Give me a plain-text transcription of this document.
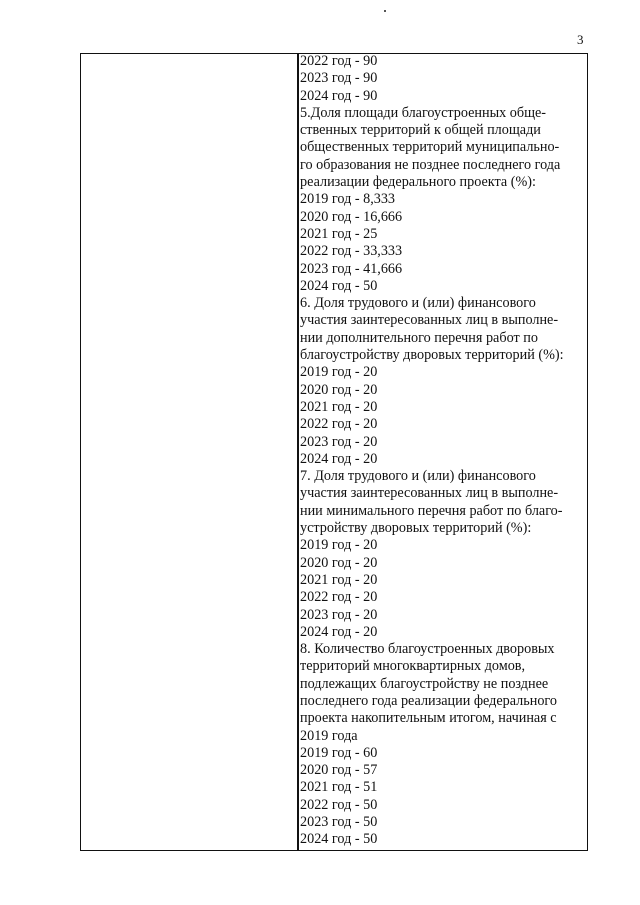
3
2022 год - 90
2023 год - 90
2024 год - 90
5.Доля площади благоустроенных обще-
ственных территорий к общей площади
общественных территорий муниципально-
го образования не позднее последнего года
реализации федерального проекта (%):
2019 год - 8,333
2020 год - 16,666
2021 год - 25
2022 год - 33,333
2023 год - 41,666
2024 год - 50
6. Доля трудового и (или) финансового
участия заинтересованных лиц в выполне-
нии дополнительного перечня работ по
благоустройству дворовых территорий (%):
2019 год - 20
2020 год - 20
2021 год - 20
2022 год - 20
2023 год - 20
2024 год - 20
7. Доля трудового и (или) финансового
участия заинтересованных лиц в выполне-
нии минимального перечня работ по благо-
устройству дворовых территорий (%):
2019 год - 20
2020 год - 20
2021 год - 20
2022 год - 20
2023 год - 20
2024 год - 20
8. Количество благоустроенных дворовых
территорий многоквартирных домов,
подлежащих благоустройству не позднее
последнего года реализации федерального
проекта накопительным итогом, начиная с
2019 года
2019 год - 60
2020 год - 57
2021 год - 51
2022 год - 50
2023 год - 50
2024 год - 50
